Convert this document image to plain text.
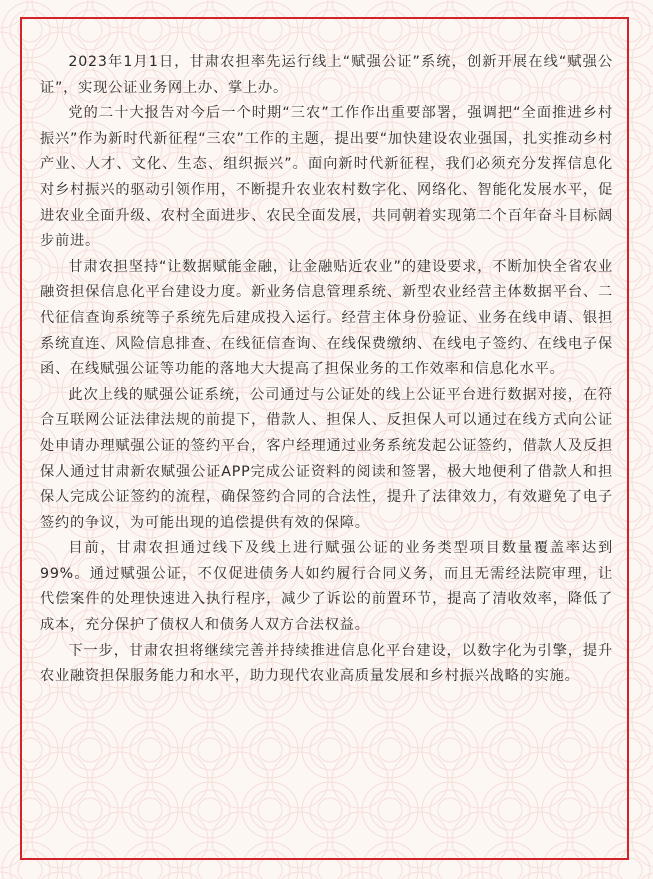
2023年1月1日，甘肃农担率先运行线上“赋强公证”系统，创新开展在线“赋强公证”，实现公证业务网上办、掌上办。

党的二十大报告对今后一个时期“三农”工作作出重要部署，强调把“全面推进乡村振兴”作为新时代新征程“三农”工作的主题，提出要“加快建设农业强国，扎实推动乡村产业、人才、文化、生态、组织振兴”。面向新时代新征程，我们必须充分发挥信息化对乡村振兴的驱动引领作用，不断提升农业农村数字化、网络化、智能化发展水平，促进农业全面升级、农村全面进步、农民全面发展，共同朝着实现第二个百年奋斗目标阔步前进。

甘肃农担坚持“让数据赋能金融，让金融贴近农业”的建设要求，不断加快全省农业融资担保信息化平台建设力度。新业务信息管理系统、新型农业经营主体数据平台、二代征信查询系统等子系统先后建成投入运行。经营主体身份验证、业务在线申请、银担系统直连、风险信息排查、在线征信查询、在线保费缴纳、在线电子签约、在线电子保函、在线赋强公证等功能的落地大大提高了担保业务的工作效率和信息化水平。

此次上线的赋强公证系统，公司通过与公证处的线上公证平台进行数据对接，在符合互联网公证法律法规的前提下，借款人、担保人、反担保人可以通过在线方式向公证处申请办理赋强公证的签约平台，客户经理通过业务系统发起公证签约，借款人及反担保人通过甘肃新农赋强公证APP完成公证资料的阅读和签署，极大地便利了借款人和担保人完成公证签约的流程，确保签约合同的合法性，提升了法律效力，有效避免了电子签约的争议，为可能出现的追偿提供有效的保障。

目前，甘肃农担通过线下及线上进行赋强公证的业务类型项目数量覆盖率达到99%。通过赋强公证，不仅促进债务人如约履行合同义务，而且无需经法院审理，让代偿案件的处理快速进入执行程序，减少了诉讼的前置环节，提高了清收效率，降低了成本，充分保护了债权人和债务人双方合法权益。

下一步，甘肃农担将继续完善并持续推进信息化平台建设，以数字化为引擎，提升农业融资担保服务能力和水平，助力现代农业高质量发展和乡村振兴战略的实施。
